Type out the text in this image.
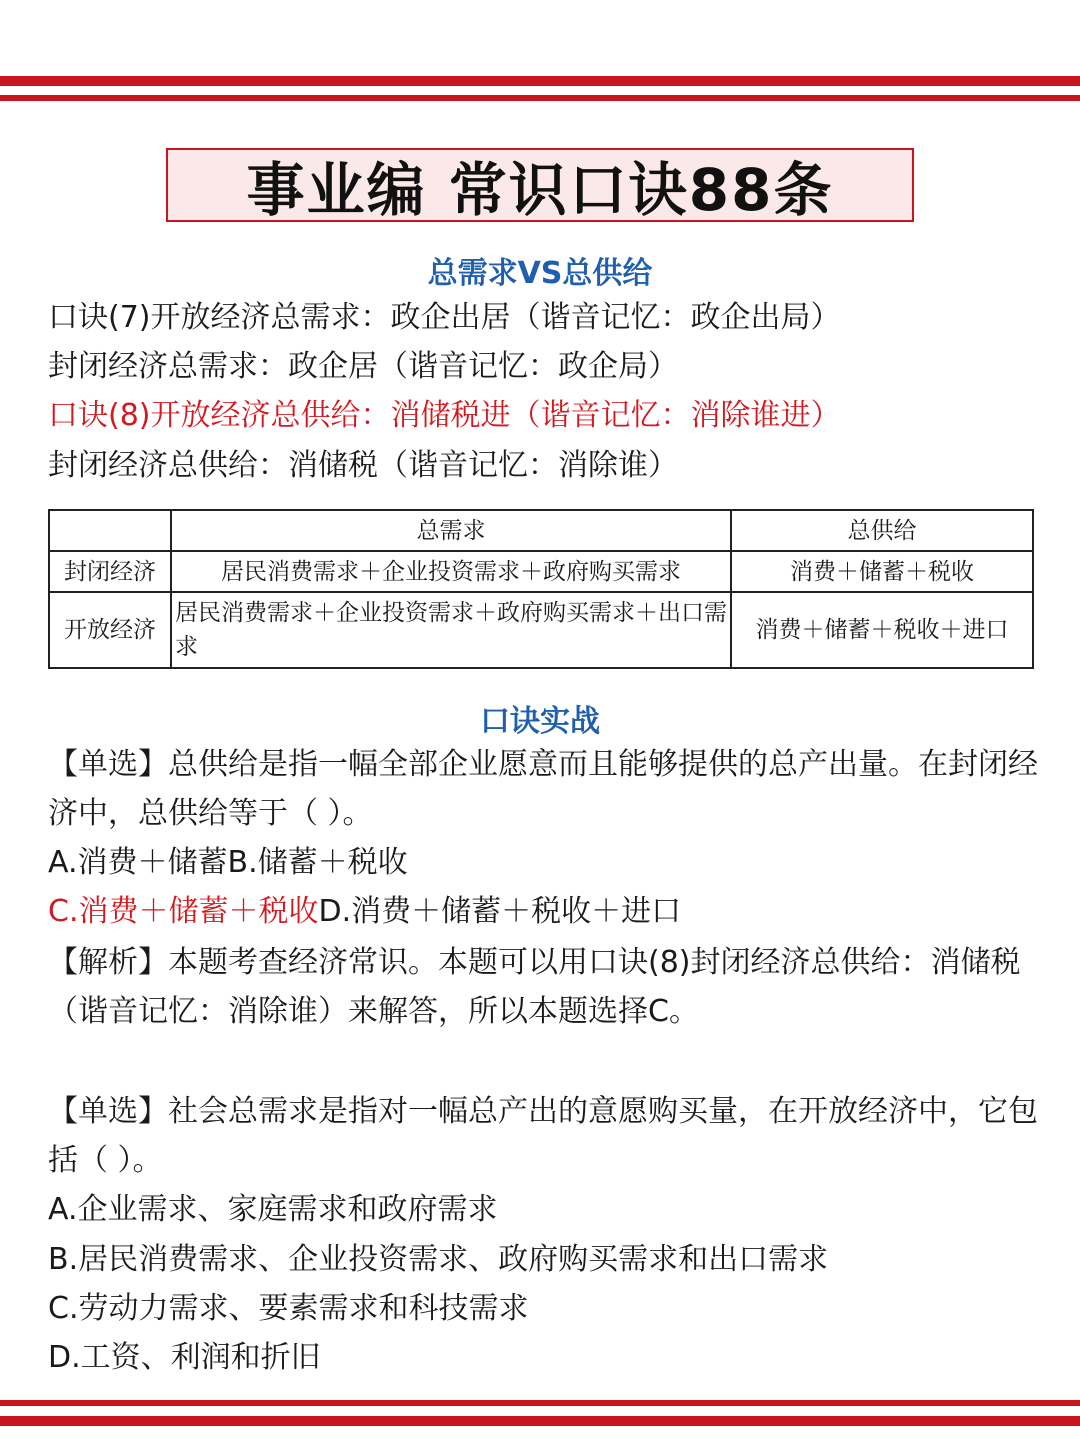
事业编 常识口诀88条
总需求VS总供给
口诀(7)开放经济总需求：政企出居（谐音记忆：政企出局）
封闭经济总需求：政企居（谐音记忆：政企局）
口诀(8)开放经济总供给：消储税进（谐音记忆：消除谁进）
封闭经济总供给：消储税（谐音记忆：消除谁）
	总需求	总供给
封闭经济	居民消费需求＋企业投资需求＋政府购买需求	消费＋储蓄＋税收
开放经济	居民消费需求＋企业投资需求＋政府购买需求＋出口需求	消费＋储蓄＋税收＋进口
口诀实战
【单选】总供给是指一幅全部企业愿意而且能够提供的总产出量。在封闭经济中，总供给等于（ ）。
A.消费＋储蓄B.储蓄＋税收
C.消费＋储蓄＋税收D.消费＋储蓄＋税收＋进口
【解析】本题考查经济常识。本题可以用口诀(8)封闭经济总供给：消储税（谐音记忆：消除谁）来解答，所以本题选择C。
【单选】社会总需求是指对一幅总产出的意愿购买量，在开放经济中，它包括（ ）。
A.企业需求、家庭需求和政府需求
B.居民消费需求、企业投资需求、政府购买需求和出口需求
C.劳动力需求、要素需求和科技需求
D.工资、利润和折旧
